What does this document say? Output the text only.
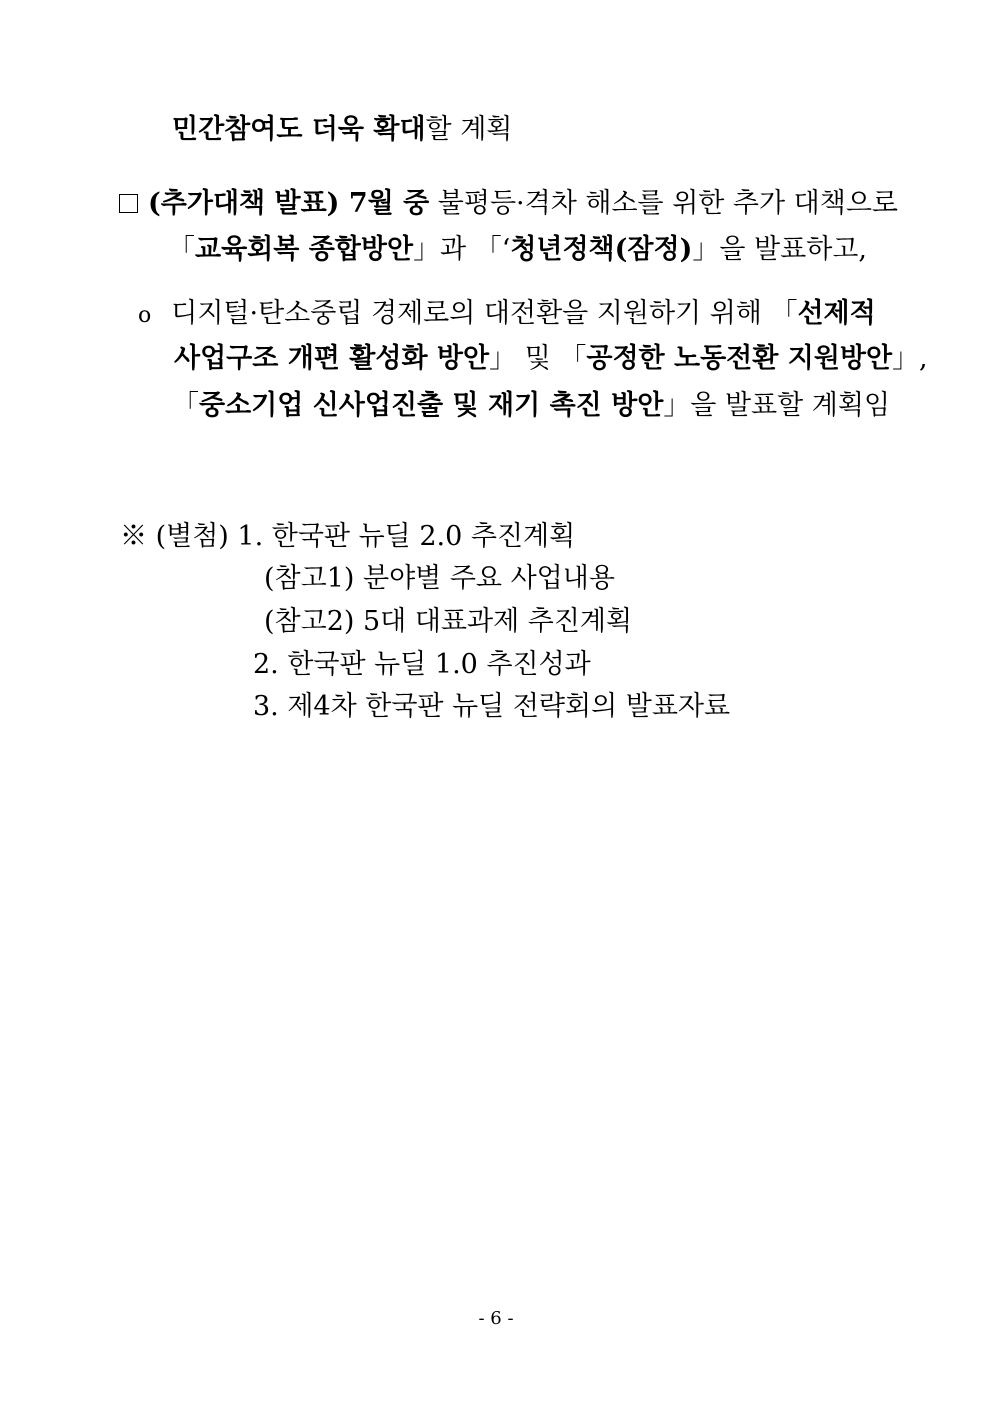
민간참여도 더욱 확대할 계획
(추가대책 발표) 7월 중 불평등·격차 해소를 위한 추가 대책으로
「교육회복 종합방안」과 「‘청년정책(잠정)」을 발표하고,
ο 디지털·탄소중립 경제로의 대전환을 지원하기 위해 「선제적
사업구조 개편 활성화 방안」 및 「공정한 노동전환 지원방안」,
「중소기업 신사업진출 및 재기 촉진 방안」을 발표할 계획임
※ (별첨) 1. 한국판 뉴딜 2.0 추진계획
(참고1) 분야별 주요 사업내용
(참고2) 5대 대표과제 추진계획
2. 한국판 뉴딜 1.0 추진성과
3. 제4차 한국판 뉴딜 전략회의 발표자료
- 6 -
